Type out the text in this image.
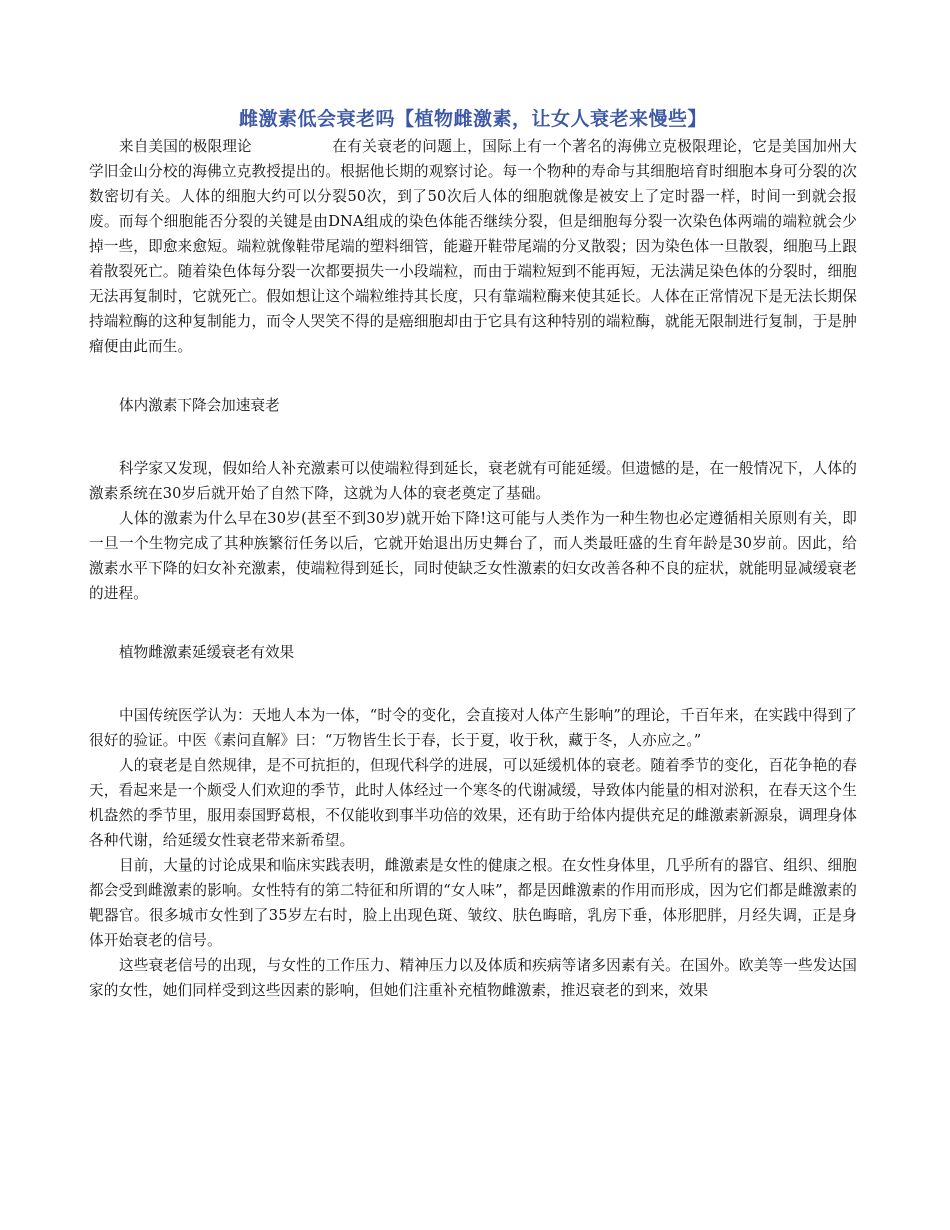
雌激素低会衰老吗【植物雌激素，让女人衰老来慢些】

来自美国的极限理论	在有关衰老的问题上，国际上有一个著名的海佛立克极限理论，它是美国加州大学旧金山分校的海佛立克教授提出的。根据他长期的观察讨论。每一个物种的寿命与其细胞培育时细胞本身可分裂的次数密切有关。人体的细胞大约可以分裂50次，到了50次后人体的细胞就像是被安上了定时器一样，时间一到就会报废。而每个细胞能否分裂的关键是由DNA组成的染色体能否继续分裂，但是细胞每分裂一次染色体两端的端粒就会少掉一些，即愈来愈短。端粒就像鞋带尾端的塑料细管，能避开鞋带尾端的分叉散裂；因为染色体一旦散裂，细胞马上跟着散裂死亡。随着染色体每分裂一次都要损失一小段端粒，而由于端粒短到不能再短，无法满足染色体的分裂时，细胞无法再复制时，它就死亡。假如想让这个端粒维持其长度，只有靠端粒酶来使其延长。人体在正常情况下是无法长期保持端粒酶的这种复制能力，而令人哭笑不得的是癌细胞却由于它具有这种特别的端粒酶，就能无限制进行复制，于是肿瘤便由此而生。

体内激素下降会加速衰老

科学家又发现，假如给人补充激素可以使端粒得到延长，衰老就有可能延缓。但遗憾的是，在一般情况下，人体的激素系统在30岁后就开始了自然下降，这就为人体的衰老奠定了基础。

人体的激素为什么早在30岁(甚至不到30岁)就开始下降!这可能与人类作为一种生物也必定遵循相关原则有关，即一旦一个生物完成了其种族繁衍任务以后，它就开始退出历史舞台了，而人类最旺盛的生育年龄是30岁前。因此，给激素水平下降的妇女补充激素，使端粒得到延长，同时使缺乏女性激素的妇女改善各种不良的症状，就能明显减缓衰老的进程。

植物雌激素延缓衰老有效果

中国传统医学认为：天地人本为一体，“时令的变化，会直接对人体产生影响”的理论，千百年来，在实践中得到了很好的验证。中医《素问直解》曰：“万物皆生长于春，长于夏，收于秋，藏于冬，人亦应之。”

人的衰老是自然规律，是不可抗拒的，但现代科学的进展，可以延缓机体的衰老。随着季节的变化，百花争艳的春天，看起来是一个颇受人们欢迎的季节，此时人体经过一个寒冬的代谢减缓，导致体内能量的相对淤积，在春天这个生机盎然的季节里，服用泰国野葛根，不仅能收到事半功倍的效果，还有助于给体内提供充足的雌激素新源泉，调理身体各种代谢，给延缓女性衰老带来新希望。

目前，大量的讨论成果和临床实践表明，雌激素是女性的健康之根。在女性身体里，几乎所有的器官、组织、细胞都会受到雌激素的影响。女性特有的第二特征和所谓的“女人味”，都是因雌激素的作用而形成，因为它们都是雌激素的靶器官。很多城市女性到了35岁左右时，脸上出现色斑、皱纹、肤色晦暗，乳房下垂，体形肥胖，月经失调，正是身体开始衰老的信号。

这些衰老信号的出现，与女性的工作压力、精神压力以及体质和疾病等诸多因素有关。在国外。欧美等一些发达国家的女性，她们同样受到这些因素的影响，但她们注重补充植物雌激素，推迟衰老的到来，效果
